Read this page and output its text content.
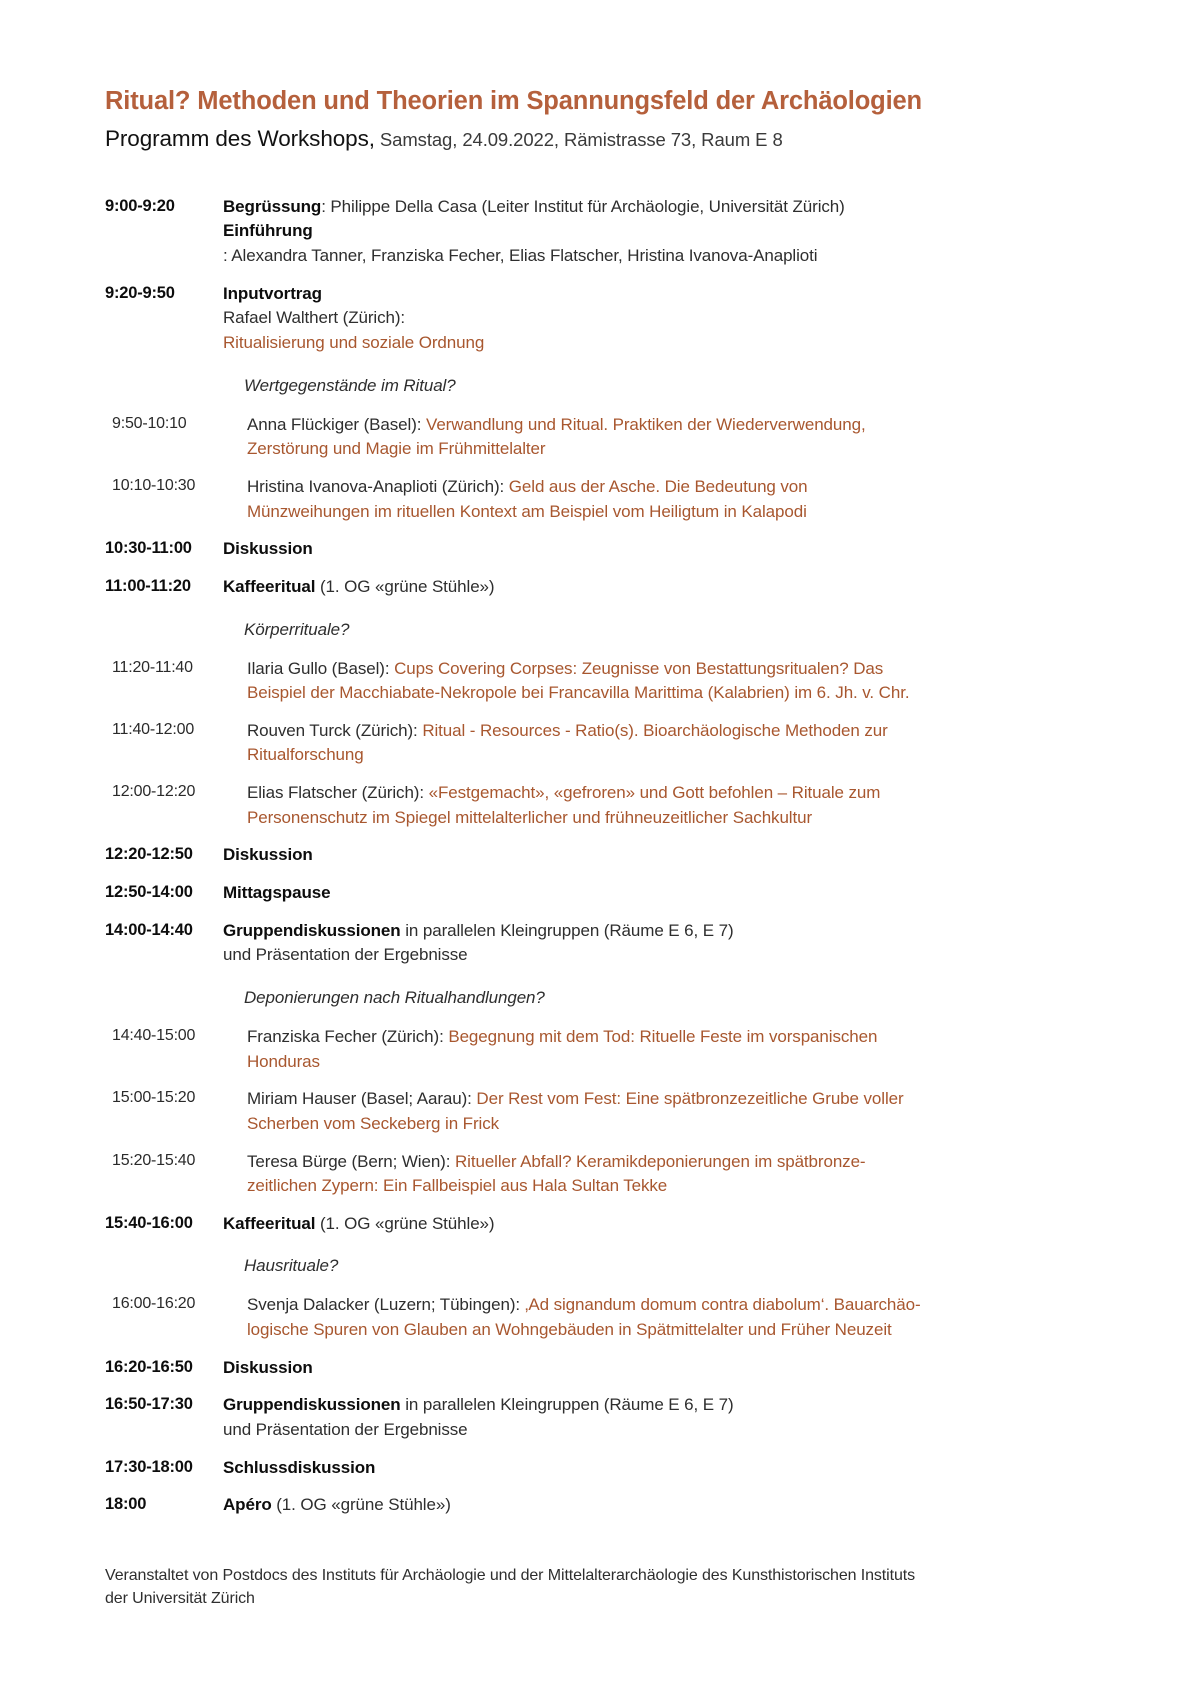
Ritual? Methoden und Theorien im Spannungsfeld der Archäologien

Programm des Workshops, Samstag, 24.09.2022, Rämistrasse 73, Raum E 8

9:00-9:20	Begrüssung: Philippe Della Casa (Leiter Institut für Archäologie, Universität Zürich)
Einführung
: Alexandra Tanner, Franziska Fecher, Elias Flatscher, Hristina Ivanova-Anaplioti
9:20-9:50	Inputvortrag
Rafael Walthert (Zürich):
Ritualisierung und soziale Ordnung
Wertgegenstände im Ritual?
9:50-10:10	Anna Flückiger (Basel): Verwandlung und Ritual. Praktiken der Wiederverwendung,
Zerstörung und Magie im Frühmittelalter
10:10-10:30	Hristina Ivanova-Anaplioti (Zürich): Geld aus der Asche. Die Bedeutung von
Münzweihungen im rituellen Kontext am Beispiel vom Heiligtum in Kalapodi
10:30-11:00	Diskussion
11:00-11:20	Kaffeeritual (1. OG «grüne Stühle»)
Körperrituale?
11:20-11:40	Ilaria Gullo (Basel): Cups Covering Corpses: Zeugnisse von Bestattungsritualen? Das
Beispiel der Macchiabate-Nekropole bei Francavilla Marittima (Kalabrien) im 6. Jh. v. Chr.
11:40-12:00	Rouven Turck (Zürich): Ritual - Resources - Ratio(s). Bioarchäologische Methoden zur
Ritualforschung
12:00-12:20	Elias Flatscher (Zürich): «Festgemacht», «gefroren» und Gott befohlen – Rituale zum
Personenschutz im Spiegel mittelalterlicher und frühneuzeitlicher Sachkultur
12:20-12:50	Diskussion
12:50-14:00	Mittagspause
14:00-14:40	Gruppendiskussionen in parallelen Kleingruppen (Räume E 6, E 7)
und Präsentation der Ergebnisse
Deponierungen nach Ritualhandlungen?
14:40-15:00	Franziska Fecher (Zürich): Begegnung mit dem Tod: Rituelle Feste im vorspanischen
Honduras
15:00-15:20	Miriam Hauser (Basel; Aarau): Der Rest vom Fest: Eine spätbronzezeitliche Grube voller
Scherben vom Seckeberg in Frick
15:20-15:40	Teresa Bürge (Bern; Wien): Ritueller Abfall? Keramikdeponierungen im spätbronze-
zeitlichen Zypern: Ein Fallbeispiel aus Hala Sultan Tekke
15:40-16:00	Kaffeeritual (1. OG «grüne Stühle»)
Hausrituale?
16:00-16:20	Svenja Dalacker (Luzern; Tübingen): ‚Ad signandum domum contra diabolum‘. Bauarchäo-
logische Spuren von Glauben an Wohngebäuden in Spätmittelalter und Früher Neuzeit
16:20-16:50	Diskussion
16:50-17:30	Gruppendiskussionen in parallelen Kleingruppen (Räume E 6, E 7)
und Präsentation der Ergebnisse
17:30-18:00	Schlussdiskussion
18:00	Apéro (1. OG «grüne Stühle»)
Veranstaltet von Postdocs des Instituts für Archäologie und der Mittelalterarchäologie des Kunsthistorischen Instituts
der Universität Zürich
